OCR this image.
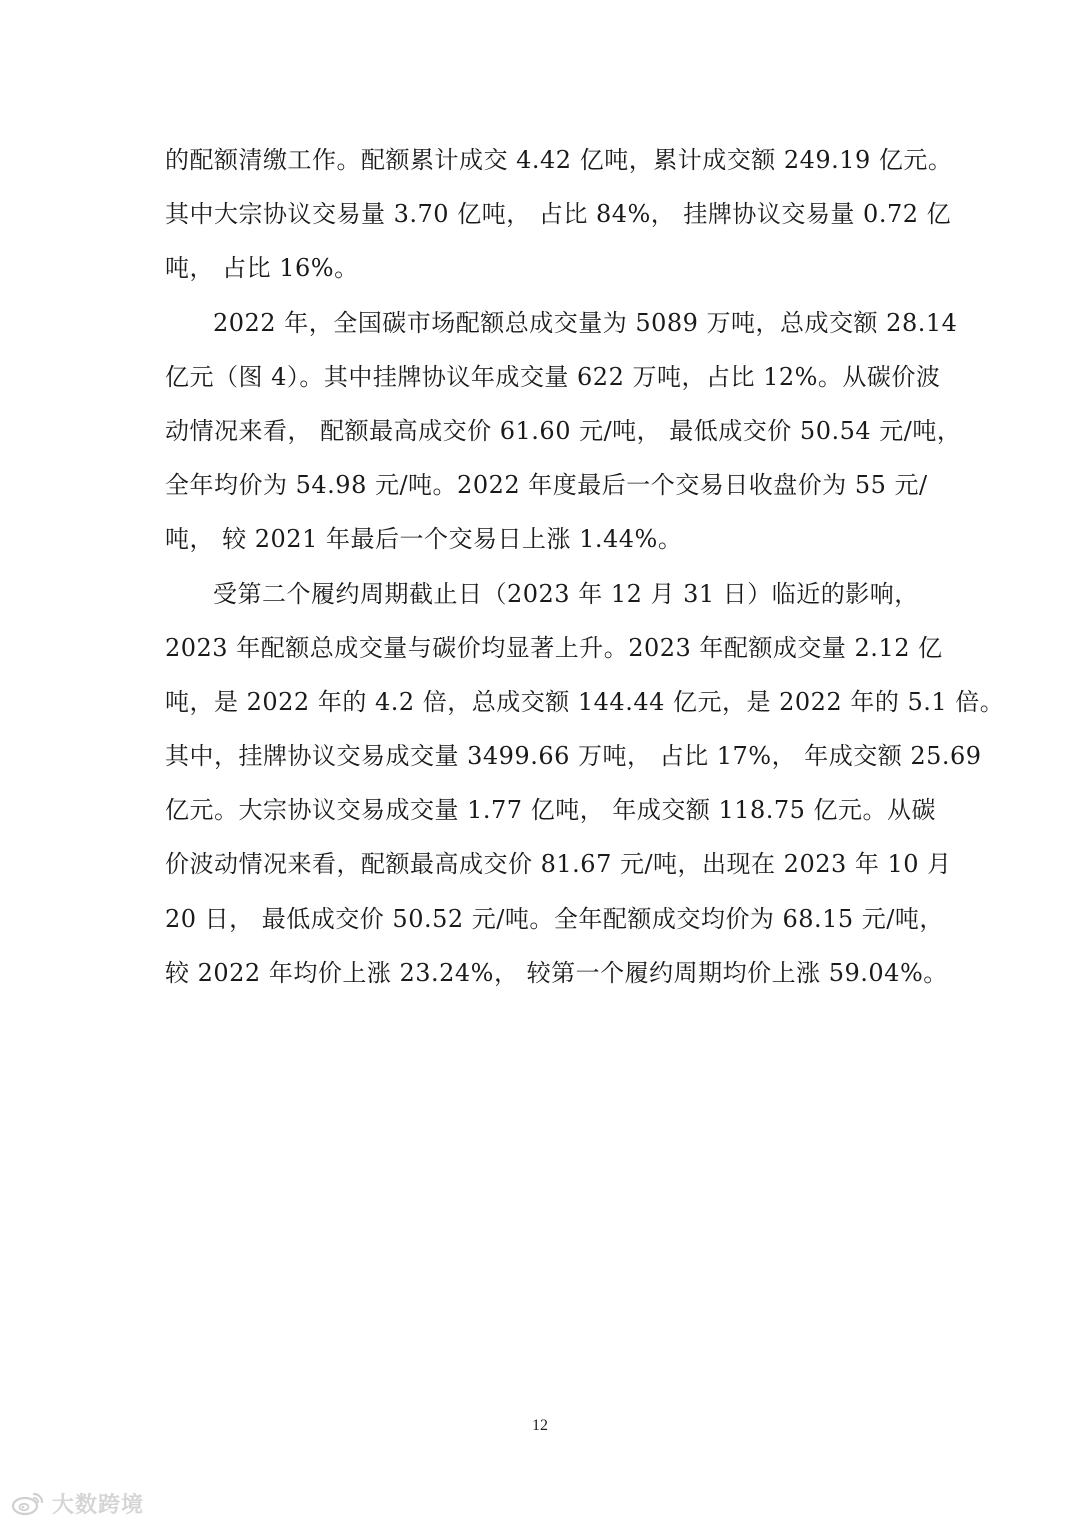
的配额清缴工作。配额累计成交 4.42 亿吨，累计成交额 249.19 亿元。
其中大宗协议交易量 3.70 亿吨， 占比 84%， 挂牌协议交易量 0.72 亿
吨， 占比 16%。
2022 年，全国碳市场配额总成交量为 5089 万吨，总成交额 28.14
亿元（图 4）。其中挂牌协议年成交量 622 万吨，占比 12%。从碳价波
动情况来看， 配额最高成交价 61.60 元/吨， 最低成交价 50.54 元/吨，
全年均价为 54.98 元/吨。2022 年度最后一个交易日收盘价为 55 元/
吨， 较 2021 年最后一个交易日上涨 1.44%。
受第二个履约周期截止日（2023 年 12 月 31 日）临近的影响，
2023 年配额总成交量与碳价均显著上升。2023 年配额成交量 2.12 亿
吨，是 2022 年的 4.2 倍，总成交额 144.44 亿元，是 2022 年的 5.1 倍。
其中，挂牌协议交易成交量 3499.66 万吨， 占比 17%， 年成交额 25.69
亿元。大宗协议交易成交量 1.77 亿吨， 年成交额 118.75 亿元。从碳
价波动情况来看，配额最高成交价 81.67 元/吨，出现在 2023 年 10 月
20 日， 最低成交价 50.52 元/吨。全年配额成交均价为 68.15 元/吨，
较 2022 年均价上涨 23.24%， 较第一个履约周期均价上涨 59.04%。
12
大数跨境
